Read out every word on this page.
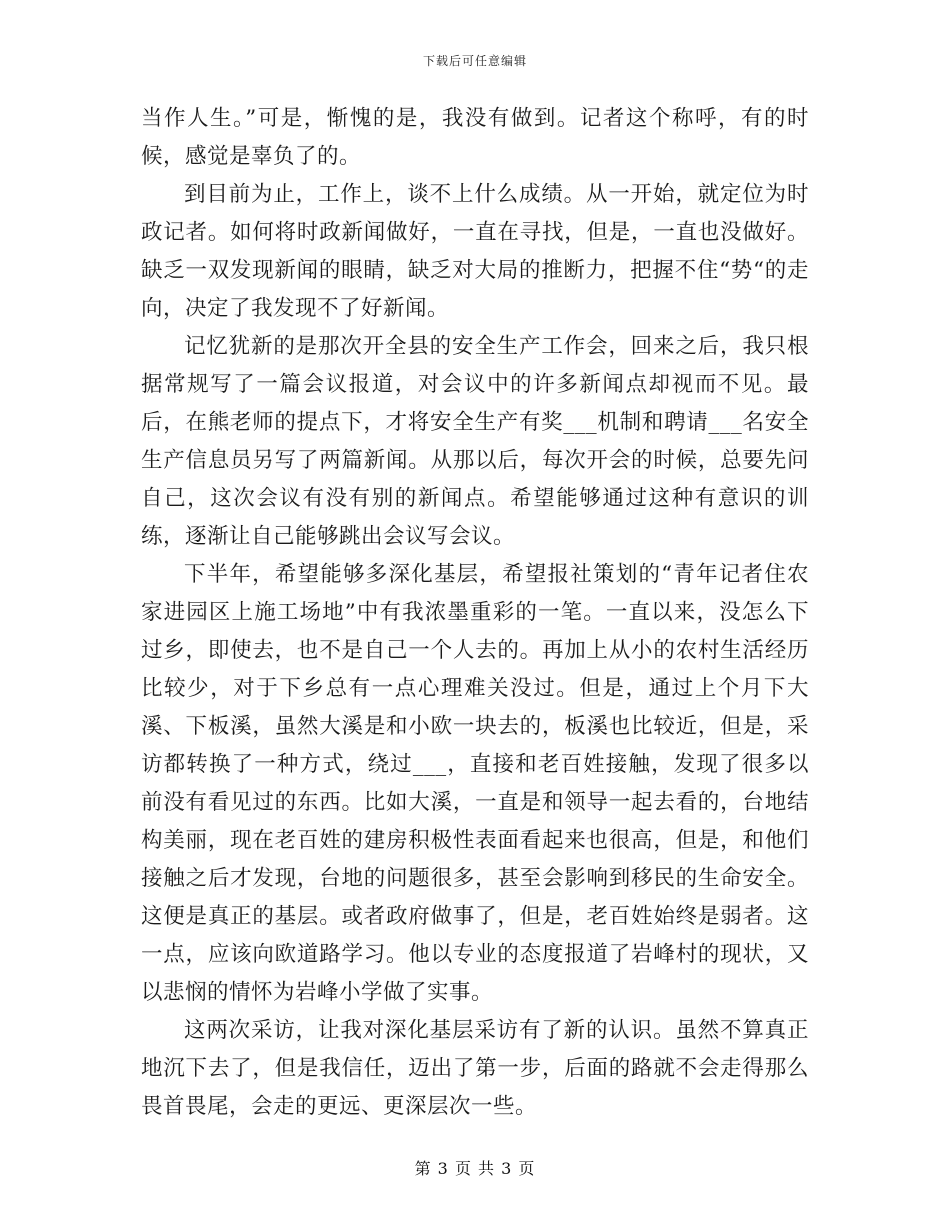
下载后可任意编辑

当作人生。”可是，惭愧的是，我没有做到。记者这个称呼，有的时候，感觉是辜负了的。

到目前为止，工作上，谈不上什么成绩。从一开始，就定位为时政记者。如何将时政新闻做好，一直在寻找，但是，一直也没做好。缺乏一双发现新闻的眼睛，缺乏对大局的推断力，把握不住“势“的走向，决定了我发现不了好新闻。

记忆犹新的是那次开全县的安全生产工作会，回来之后，我只根据常规写了一篇会议报道，对会议中的许多新闻点却视而不见。最后，在熊老师的提点下，才将安全生产有奖___机制和聘请___名安全生产信息员另写了两篇新闻。从那以后，每次开会的时候，总要先问自己，这次会议有没有别的新闻点。希望能够通过这种有意识的训练，逐渐让自己能够跳出会议写会议。

下半年，希望能够多深化基层，希望报社策划的“青年记者住农家进园区上施工场地”中有我浓墨重彩的一笔。一直以来，没怎么下过乡，即使去，也不是自己一个人去的。再加上从小的农村生活经历比较少，对于下乡总有一点心理难关没过。但是，通过上个月下大溪、下板溪，虽然大溪是和小欧一块去的，板溪也比较近，但是，采访都转换了一种方式，绕过___，直接和老百姓接触，发现了很多以前没有看见过的东西。比如大溪，一直是和领导一起去看的，台地结构美丽，现在老百姓的建房积极性表面看起来也很高，但是，和他们接触之后才发现，台地的问题很多，甚至会影响到移民的生命安全。这便是真正的基层。或者政府做事了，但是，老百姓始终是弱者。这一点，应该向欧道路学习。他以专业的态度报道了岩峰村的现状，又以悲悯的情怀为岩峰小学做了实事。

这两次采访，让我对深化基层采访有了新的认识。虽然不算真正地沉下去了，但是我信任，迈出了第一步，后面的路就不会走得那么畏首畏尾，会走的更远、更深层次一些。

第 3 页 共 3 页
